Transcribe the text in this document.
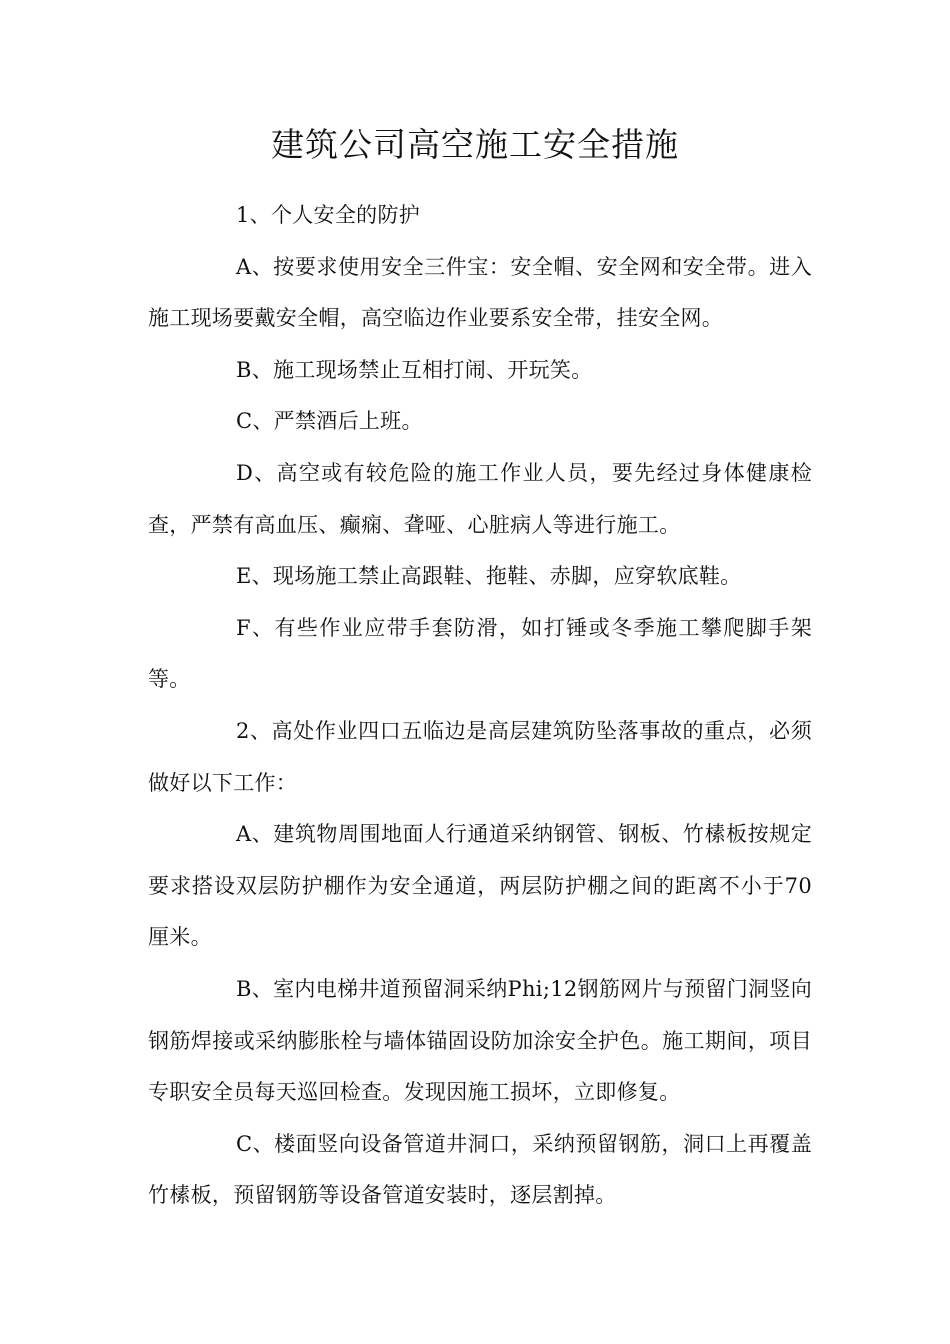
建筑公司高空施工安全措施

1、个人安全的防护

A、按要求使用安全三件宝：安全帽、安全网和安全带。进入施工现场要戴安全帽，高空临边作业要系安全带，挂安全网。

B、施工现场禁止互相打闹、开玩笑。

C、严禁酒后上班。

D、高空或有较危险的施工作业人员，要先经过身体健康检查，严禁有高血压、癫痫、聋哑、心脏病人等进行施工。

E、现场施工禁止高跟鞋、拖鞋、赤脚，应穿软底鞋。

F、有些作业应带手套防滑，如打锤或冬季施工攀爬脚手架等。

2、高处作业四口五临边是高层建筑防坠落事故的重点，必须做好以下工作：

A、建筑物周围地面人行通道采纳钢管、钢板、竹榡板按规定要求搭设双层防护棚作为安全通道，两层防护棚之间的距离不小于70厘米。

B、室内电梯井道预留洞采纳Phi;12钢筋网片与预留门洞竖向钢筋焊接或采纳膨胀栓与墙体锚固设防加涂安全护色。施工期间，项目专职安全员每天巡回检查。发现因施工损坏，立即修复。

C、楼面竖向设备管道井洞口，采纳预留钢筋，洞口上再覆盖竹榡板，预留钢筋等设备管道安装时，逐层割掉。
